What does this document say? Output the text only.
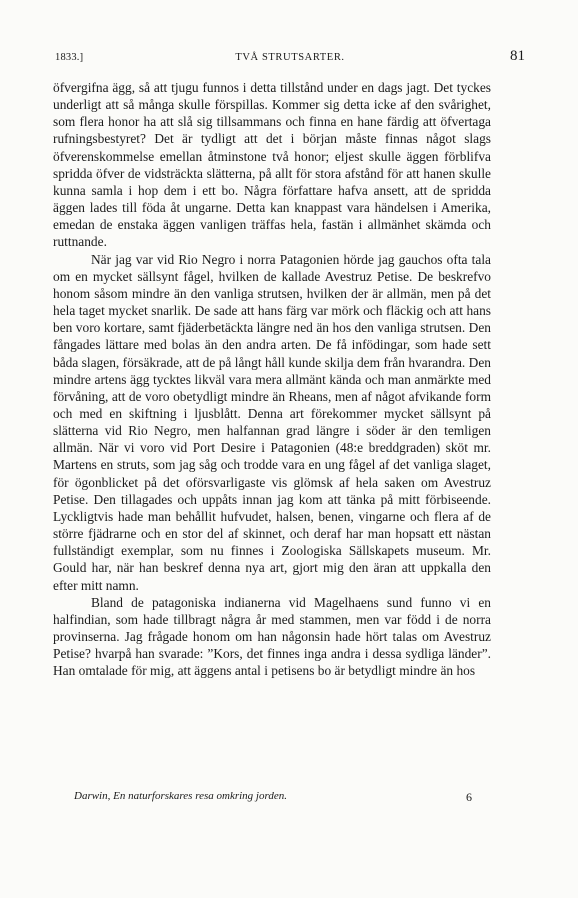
1833.]	TVÅ STRUTSARTER.	81

öfvergifna ägg, så att tjugu funnos i detta tillstånd under en dags jagt. Det tyckes underligt att så många skulle förspillas. Kommer sig detta icke af den svårighet, som flera honor ha att slå sig tillsammans och finna en hane färdig att öfvertaga rufningsbestyret? Det är tydligt att det i början måste finnas något slags öfverenskommelse emellan åtminstone två honor; eljest skulle äggen förblifva spridda öfver de vidsträckta slätterna, på allt för stora afstånd för att hanen skulle kunna samla i hop dem i ett bo. Några författare hafva ansett, att de spridda äggen lades till föda åt ungarne. Detta kan knappast vara händelsen i Amerika, emedan de enstaka äggen vanligen träffas hela, fastän i allmänhet skämda och ruttnande.

När jag var vid Rio Negro i norra Patagonien hörde jag gauchos ofta tala om en mycket sällsynt fågel, hvilken de kallade Avestruz Petise. De beskrefvo honom såsom mindre än den vanliga strutsen, hvilken der är allmän, men på det hela taget mycket snarlik. De sade att hans färg var mörk och fläckig och att hans ben voro kortare, samt fjäderbetäckta längre ned än hos den vanliga strutsen. Den fångades lättare med bolas än den andra arten. De få infödingar, som hade sett båda slagen, försäkrade, att de på långt håll kunde skilja dem från hvarandra. Den mindre artens ägg tycktes likväl vara mera allmänt kända och man anmärkte med förvåning, att de voro obetydligt mindre än Rheans, men af något afvikande form och med en skiftning i ljusblått. Denna art förekommer mycket sällsynt på slätterna vid Rio Negro, men halfannan grad längre i söder är den temligen allmän. När vi voro vid Port Desire i Patagonien (48:e breddgraden) sköt mr. Martens en struts, som jag såg och trodde vara en ung fågel af det vanliga slaget, för ögonblicket på det oförsvarligaste vis glömsk af hela saken om Avestruz Petise. Den tillagades och uppåts innan jag kom att tänka på mitt förbiseende. Lyckligtvis hade man behållit hufvudet, halsen, benen, vingarne och flera af de större fjädrarne och en stor del af skinnet, och deraf har man hopsatt ett nästan fullständigt exemplar, som nu finnes i Zoologiska Sällskapets museum. Mr. Gould har, när han beskref denna nya art, gjort mig den äran att uppkalla den efter mitt namn.

Bland de patagoniska indianerna vid Magelhaens sund funno vi en halfindian, som hade tillbragt några år med stammen, men var född i de norra provinserna. Jag frågade honom om han någonsin hade hört talas om Avestruz Petise? hvarpå han svarade: ”Kors, det finnes inga andra i dessa sydliga länder”. Han omtalade för mig, att äggens antal i petisens bo är betydligt mindre än hos

Darwin, En naturforskares resa omkring jorden.	6
